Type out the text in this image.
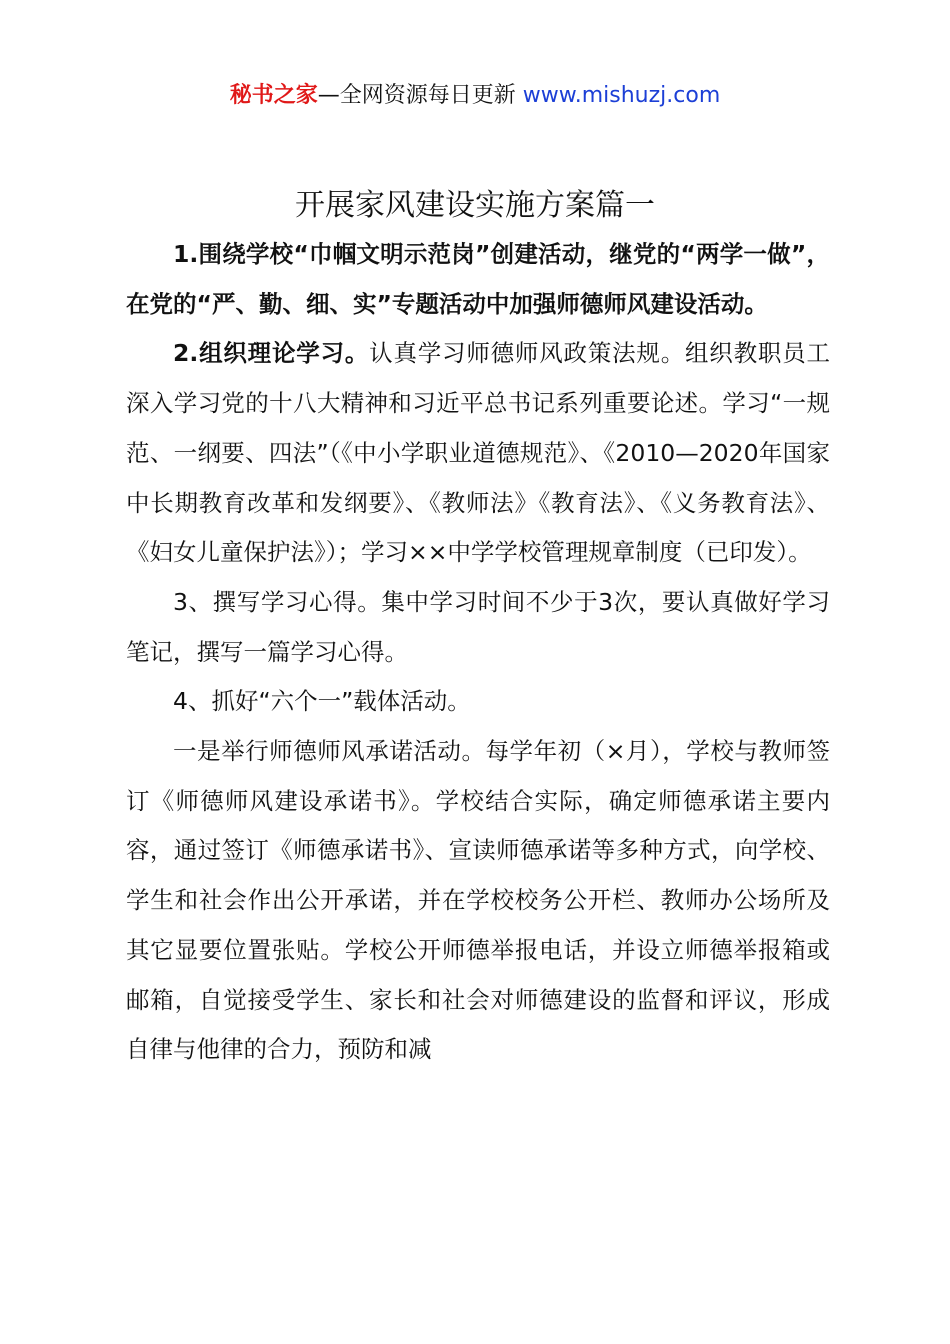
秘书之家—全网资源每日更新 www.mishuzj.com
开展家风建设实施方案篇一

1.围绕学校“巾帼文明示范岗”创建活动，继党的“两学一做”，在党的“严、勤、细、实”专题活动中加强师德师风建设活动。

2.组织理论学习。认真学习师德师风政策法规。组织教职员工深入学习党的十八大精神和习近平总书记系列重要论述。学习“一规范、一纲要、四法”（《中小学职业道德规范》、《2010—2020年国家中长期教育改革和发纲要》、《教师法》《教育法》、《义务教育法》、《妇女儿童保护法》）；学习××中学学校管理规章制度（已印发）。

3、撰写学习心得。集中学习时间不少于3次，要认真做好学习笔记，撰写一篇学习心得。

4、抓好“六个一”载体活动。

一是举行师德师风承诺活动。每学年初（×月），学校与教师签订《师德师风建设承诺书》。学校结合实际，确定师德承诺主要内容，通过签订《师德承诺书》、宣读师德承诺等多种方式，向学校、学生和社会作出公开承诺，并在学校校务公开栏、教师办公场所及其它显要位置张贴。学校公开师德举报电话，并设立师德举报箱或邮箱，自觉接受学生、家长和社会对师德建设的监督和评议，形成自律与他律的合力，预防和减
